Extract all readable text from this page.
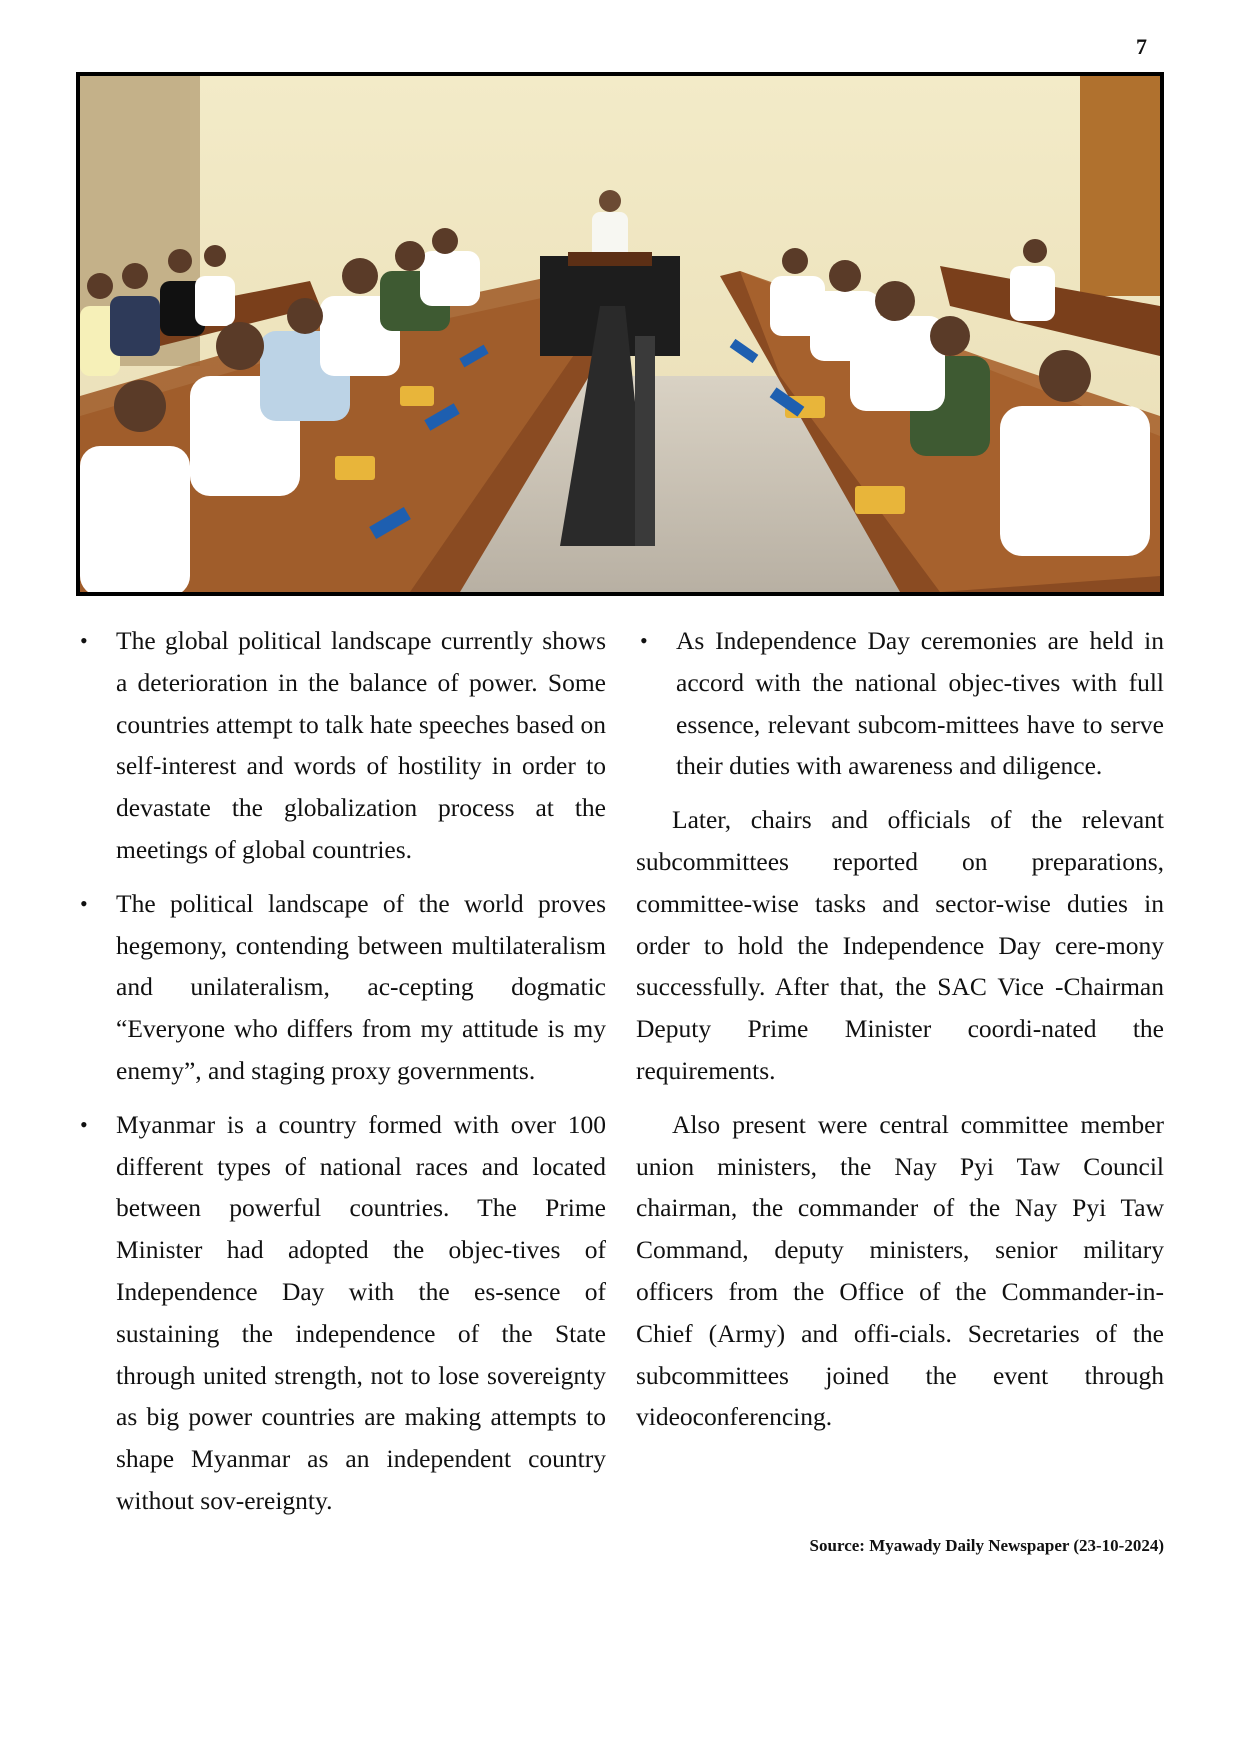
7
• The global political landscape currently shows a deterioration in the balance of power. Some countries attempt to talk hate speeches based on self-interest and words of hostility in order to devastate the globalization process at the meetings of global countries.
• The political landscape of the world proves hegemony, contending between multilateralism and unilateralism, ac-cepting dogmatic “Everyone who differs from my attitude is my enemy”, and staging proxy governments.
• Myanmar is a country formed with over 100 different types of national races and located between powerful countries. The Prime Minister had adopted the objec-tives of Independence Day with the es-sence of sustaining the independence of the State through united strength, not to lose sovereignty as big power countries are making attempts to shape Myanmar as an independent country without sov-ereignty.
• As Independence Day ceremonies are held in accord with the national objec-tives with full essence, relevant subcom-mittees have to serve their duties with awareness and diligence.

Later, chairs and officials of the relevant subcommittees reported on preparations, committee-wise tasks and sector-wise duties in order to hold the Independence Day cere-mony successfully. After that, the SAC Vice -Chairman Deputy Prime Minister coordi-nated the requirements.

Also present were central committee member union ministers, the Nay Pyi Taw Council chairman, the commander of the Nay Pyi Taw Command, deputy ministers, senior military officers from the Office of the Commander-in-Chief (Army) and offi-cials. Secretaries of the subcommittees joined the event through videoconferencing.

Source: Myawady Daily Newspaper (23-10-2024)
